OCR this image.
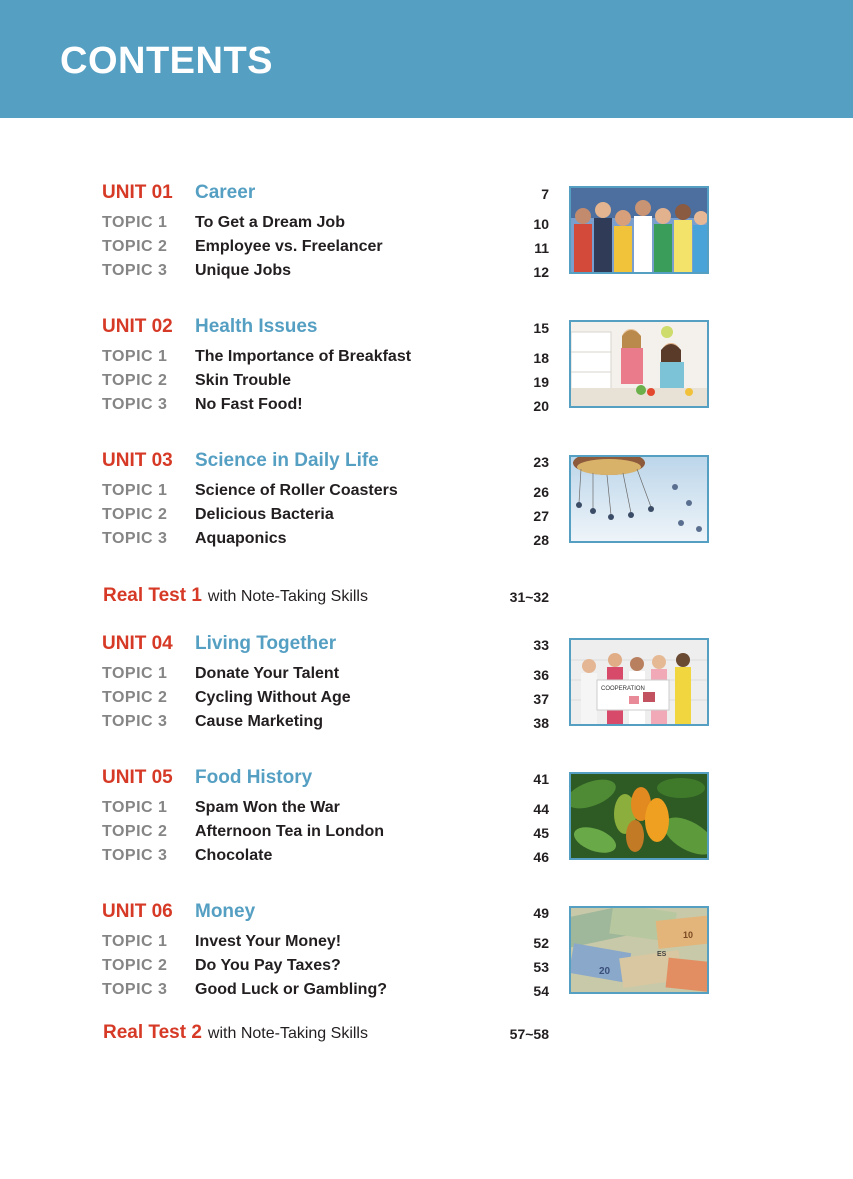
CONTENTS
UNIT 01 Career	7
TOPIC 1 To Get a Dream Job	10
TOPIC 2 Employee vs. Freelancer	11
TOPIC 3 Unique Jobs	12
UNIT 02 Health Issues	15
TOPIC 1 The Importance of Breakfast	18
TOPIC 2 Skin Trouble	19
TOPIC 3 No Fast Food!	20
UNIT 03 Science in Daily Life	23
TOPIC 1 Science of Roller Coasters	26
TOPIC 2 Delicious Bacteria	27
TOPIC 3 Aquaponics	28
Real Test 1 with Note-Taking Skills	31~32
UNIT 04 Living Together	33
TOPIC 1 Donate Your Talent	36
TOPIC 2 Cycling Without Age	37
TOPIC 3 Cause Marketing	38
COOPERATION
UNIT 05 Food History	41
TOPIC 1 Spam Won the War	44
TOPIC 2 Afternoon Tea in London	45
TOPIC 3 Chocolate	46
UNIT 06 Money	49
TOPIC 1 Invest Your Money!	52
TOPIC 2 Do You Pay Taxes?	53
TOPIC 3 Good Luck or Gambling?	54
20
10
ES
Real Test 2 with Note-Taking Skills	57~58
